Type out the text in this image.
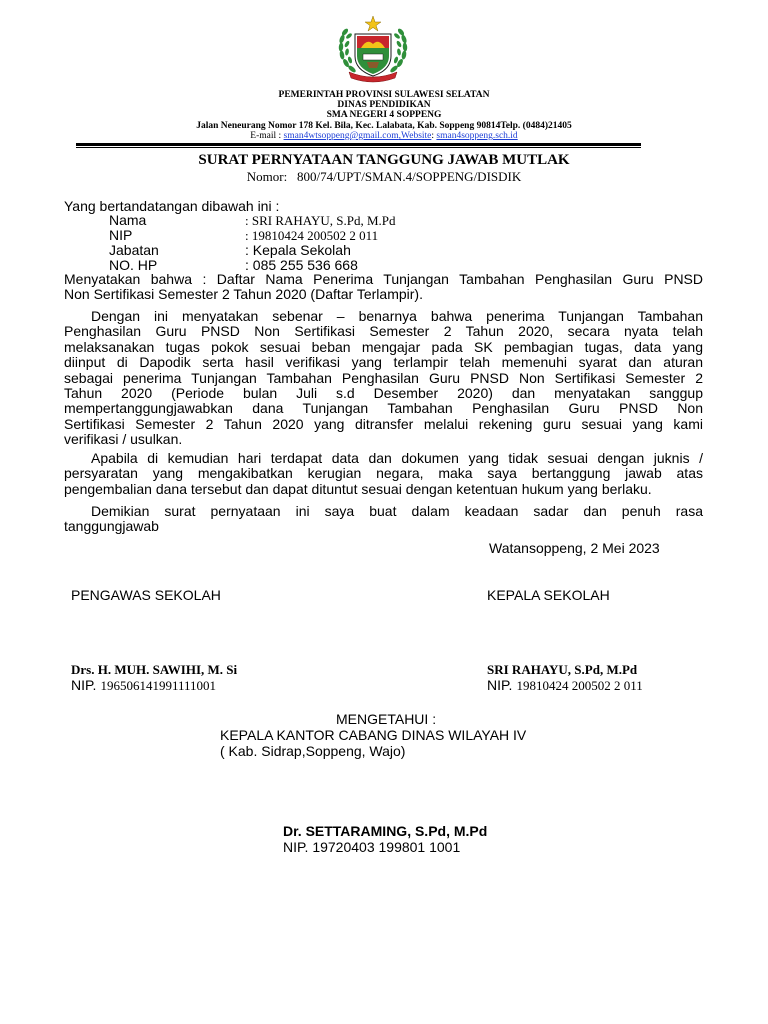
PEMERINTAH PROVINSI SULAWESI SELATAN
DINAS PENDIDIKAN
SMA NEGERI 4 SOPPENG
Jalan Neneurang Nomor 178 Kel. Bila, Kec. Lalabata, Kab. Soppeng 90814Telp. (0484)21405
E-mail : sman4wtsoppeng@gmail.com,Website: sman4soppeng.sch.id
SURAT PERNYATAAN TANGGUNG JAWAB MUTLAK
Nomor: 800/74/UPT/SMAN.4/SOPPENG/DISDIK
Yang bertandatangan dibawah ini :
Nama	: SRI RAHAYU, S.Pd, M.Pd
NIP	: 19810424 200502 2 011
Jabatan	: Kepala Sekolah
NO. HP	: 085 255 536 668
Menyatakan bahwa : Daftar Nama Penerima Tunjangan Tambahan Penghasilan Guru PNSD
Non Sertifikasi Semester 2 Tahun 2020 (Daftar Terlampir).
Dengan ini menyatakan sebenar – benarnya bahwa penerima Tunjangan Tambahan
Penghasilan Guru PNSD Non Sertifikasi Semester 2 Tahun 2020, secara nyata telah
melaksanakan tugas pokok sesuai beban mengajar pada SK pembagian tugas, data yang
diinput di Dapodik serta hasil verifikasi yang terlampir telah memenuhi syarat dan aturan
sebagai penerima Tunjangan Tambahan Penghasilan Guru PNSD Non Sertifikasi Semester 2
Tahun 2020 (Periode bulan Juli s.d Desember 2020) dan menyatakan sanggup
mempertanggungjawabkan dana Tunjangan Tambahan Penghasilan Guru PNSD Non
Sertifikasi Semester 2 Tahun 2020 yang ditransfer melalui rekening guru sesuai yang kami
verifikasi / usulkan.
Apabila di kemudian hari terdapat data dan dokumen yang tidak sesuai dengan juknis /
persyaratan yang mengakibatkan kerugian negara, maka saya bertanggung jawab atas
pengembalian dana tersebut dan dapat dituntut sesuai dengan ketentuan hukum yang berlaku.
Demikian surat pernyataan ini saya buat dalam keadaan sadar dan penuh rasa
tanggungjawab
Watansoppeng, 2 Mei 2023
PENGAWAS SEKOLAH	KEPALA SEKOLAH
Drs. H. MUH. SAWIHI, M. Si	SRI RAHAYU, S.Pd, M.Pd
NIP. 196506141991111001	NIP. 19810424 200502 2 011
MENGETAHUI :
KEPALA KANTOR CABANG DINAS WILAYAH IV
( Kab. Sidrap,Soppeng, Wajo)
Dr. SETTARAMING, S.Pd, M.Pd
NIP. 19720403 199801 1001
